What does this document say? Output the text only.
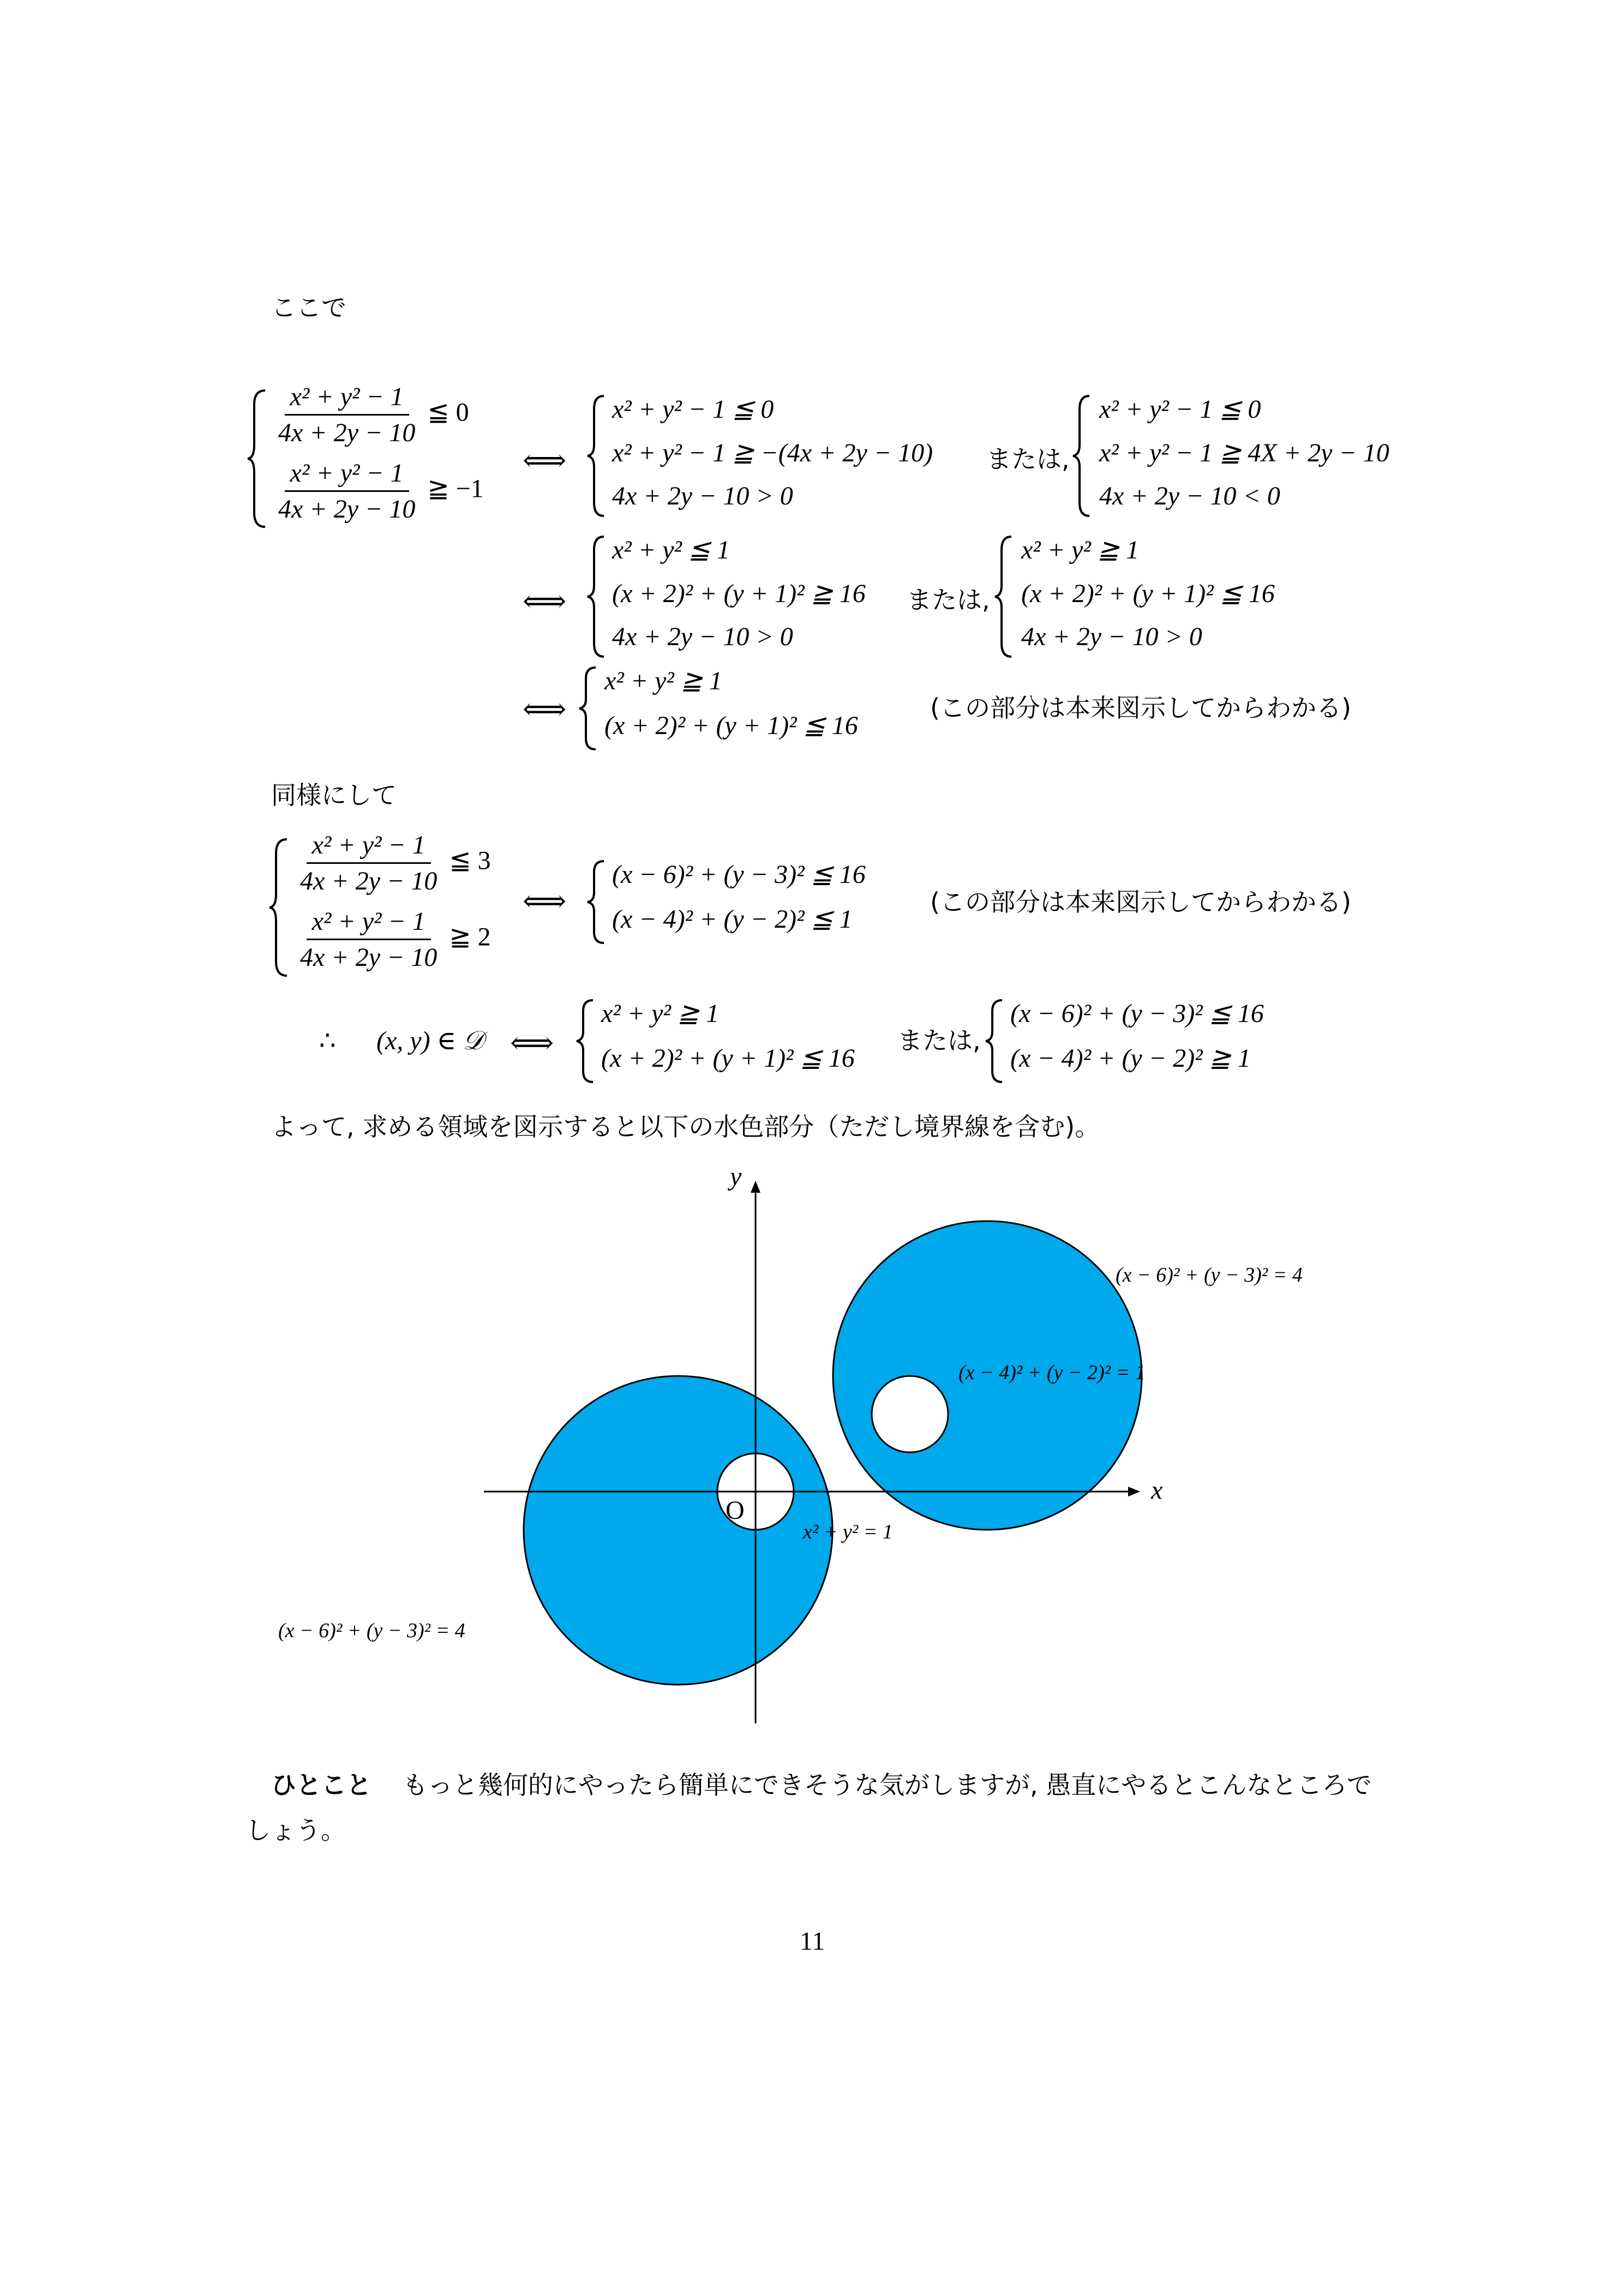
ここで
$\frac{\text{x² + y² − 1}}{4x + 2y - 10}$ ≦ 0
$\frac{\text{x² + y² − 1}}{4x + 2y - 10}$ ≧ −1
⟺
x² + y² − 1 ≦ 0
x² + y² − 1 ≧ −(4x + 2y − 10)
4x + 2y − 10 > 0
または,
x² + y² − 1 ≦ 0
x² + y² − 1 ≧ 4X + 2y − 10
4x + 2y − 10 < 0
⟺
x² + y² ≦ 1
(x + 2)² + (y + 1)² ≧ 16
4x + 2y − 10 > 0
または,
x² + y² ≧ 1
(x + 2)² + (y + 1)² ≦ 16
4x + 2y − 10 > 0
⟺
x² + y² ≧ 1
(x + 2)² + (y + 1)² ≦ 16
(この部分は本来図示してからわかる)
同様にして
$\frac{\text{x² + y² − 1}}{4x + 2y - 10}$ ≦ 3
$\frac{\text{x² + y² − 1}}{4x + 2y - 10}$ ≧ 2
⟺
(x − 6)² + (y − 3)² ≦ 16
(x − 4)² + (y − 2)² ≦ 1
(この部分は本来図示してからわかる)
∴ (x, y) ∈ 𝒟 ⟺
x² + y² ≧ 1
(x + 2)² + (y + 1)² ≦ 16
または,
(x − 6)² + (y − 3)² ≦ 16
(x − 4)² + (y − 2)² ≧ 1
よって, 求める領域を図示すると以下の水色部分（ただし境界線を含む)。
y
x
O
(x − 6)² + (y − 3)² = 4
(x − 4)² + (y − 2)² = 1
x² + y² = 1
(x − 6)² + (y − 3)² = 4
ひとこと もっと幾何的にやったら簡単にできそうな気がしますが, 愚直にやるとこんなところで
しょう。
11
